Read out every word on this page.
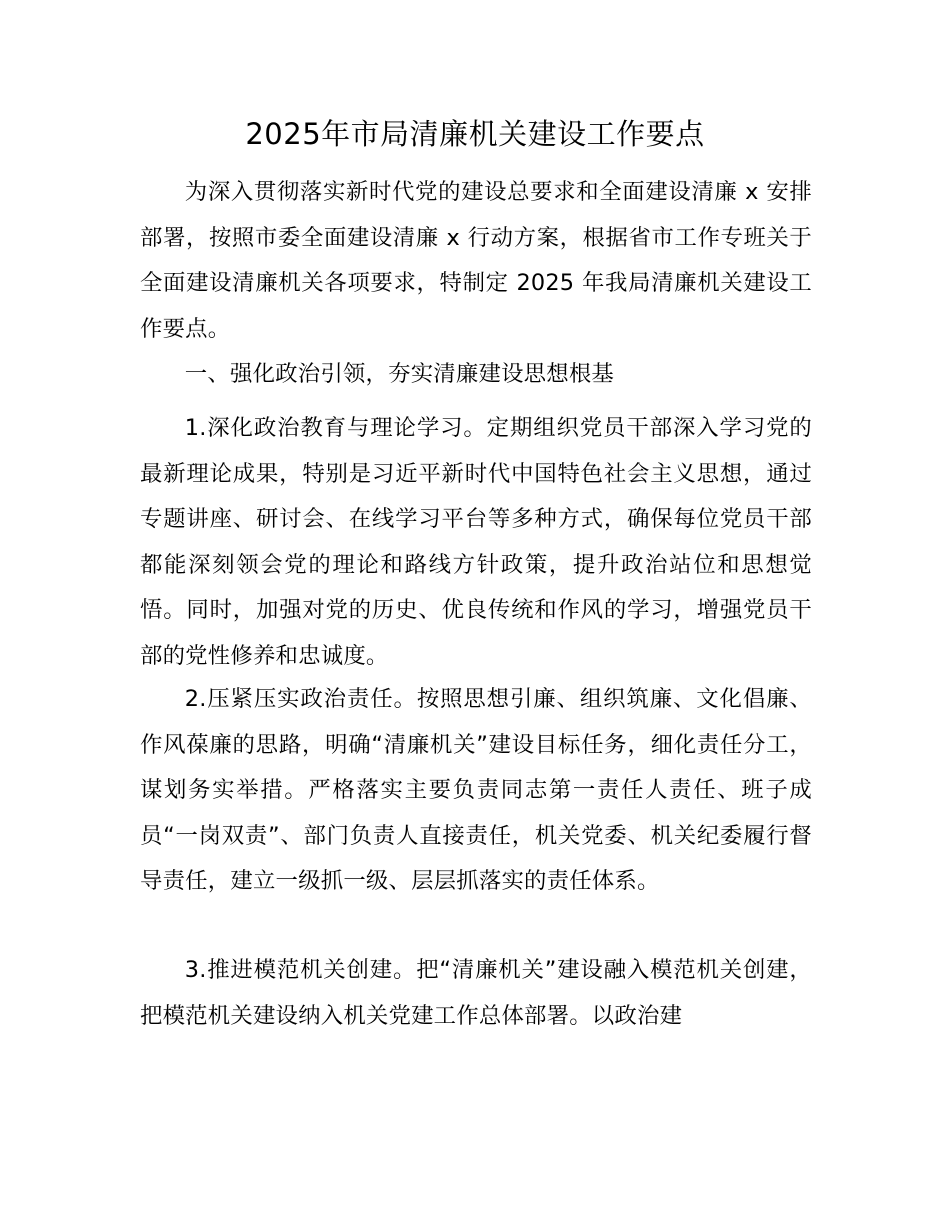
2025年市局清廉机关建设工作要点

为深入贯彻落实新时代党的建设总要求和全面建设清廉 x 安排部署，按照市委全面建设清廉 x 行动方案，根据省市工作专班关于全面建设清廉机关各项要求，特制定 2025 年我局清廉机关建设工作要点。

一、强化政治引领，夯实清廉建设思想根基

1.深化政治教育与理论学习。定期组织党员干部深入学习党的最新理论成果，特别是习近平新时代中国特色社会主义思想，通过专题讲座、研讨会、在线学习平台等多种方式，确保每位党员干部都能深刻领会党的理论和路线方针政策，提升政治站位和思想觉悟。同时，加强对党的历史、优良传统和作风的学习，增强党员干部的党性修养和忠诚度。

2.压紧压实政治责任。按照思想引廉、组织筑廉、文化倡廉、作风葆廉的思路，明确“清廉机关”建设目标任务，细化责任分工，谋划务实举措。严格落实主要负责同志第一责任人责任、班子成员“一岗双责”、部门负责人直接责任，机关党委、机关纪委履行督导责任，建立一级抓一级、层层抓落实的责任体系。

3.推进模范机关创建。把“清廉机关”建设融入模范机关创建，把模范机关建设纳入机关党建工作总体部署。以政治建
